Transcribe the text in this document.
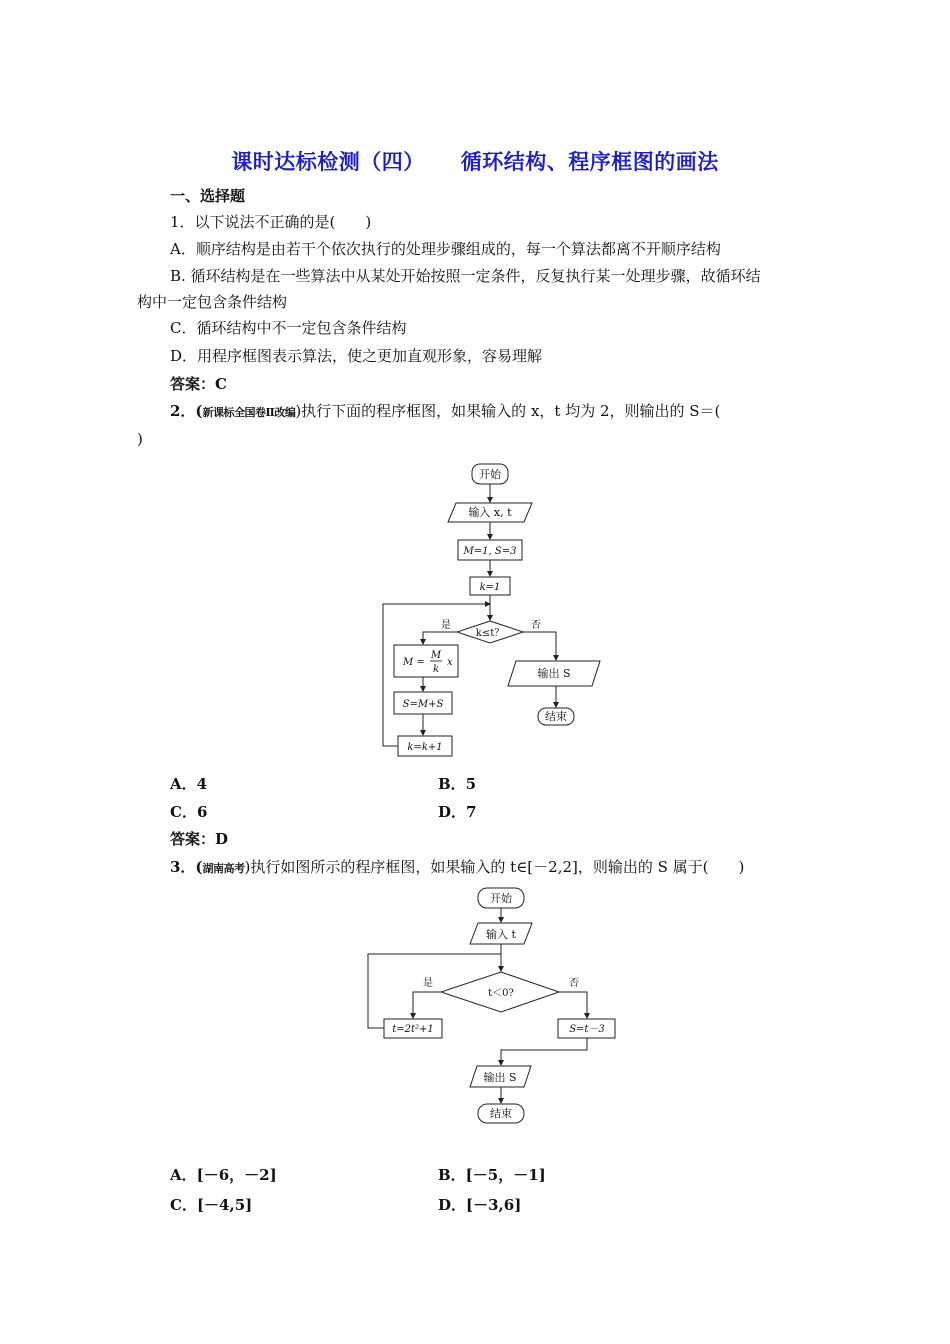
课时达标检测（四） 循环结构、程序框图的画法
一、选择题
1．以下说法不正确的是(　　)
A．顺序结构是由若干个依次执行的处理步骤组成的，每一个算法都离不开顺序结构
B. 循环结构是在一些算法中从某处开始按照一定条件，反复执行某一处理步骤，故循环结
构中一定包含条件结构
C．循环结构中不一定包含条件结构
D．用程序框图表示算法，使之更加直观形象，容易理解
答案：C
2．(新课标全国卷Ⅱ改编)执行下面的程序框图，如果输入的 x，t 均为 2，则输出的 S＝(
)
开始
输入 x, t
M=1, S=3
k=1
k≤t？
是	否
M =
M
k
x
S=M+S
k=k+1
输出 S
结束
A．4	B．5
C．6	D．7
答案：D
3．(湖南高考)执行如图所示的程序框图，如果输入的 t∈[－2,2]，则输出的 S 属于(　　)
开始
输入 t
t＜0?
是	否
t=2t²+1	S=t－3
输出 S
结束
A．[－6，－2]	B．[－5，－1]
C．[－4,5]	D．[－3,6]
